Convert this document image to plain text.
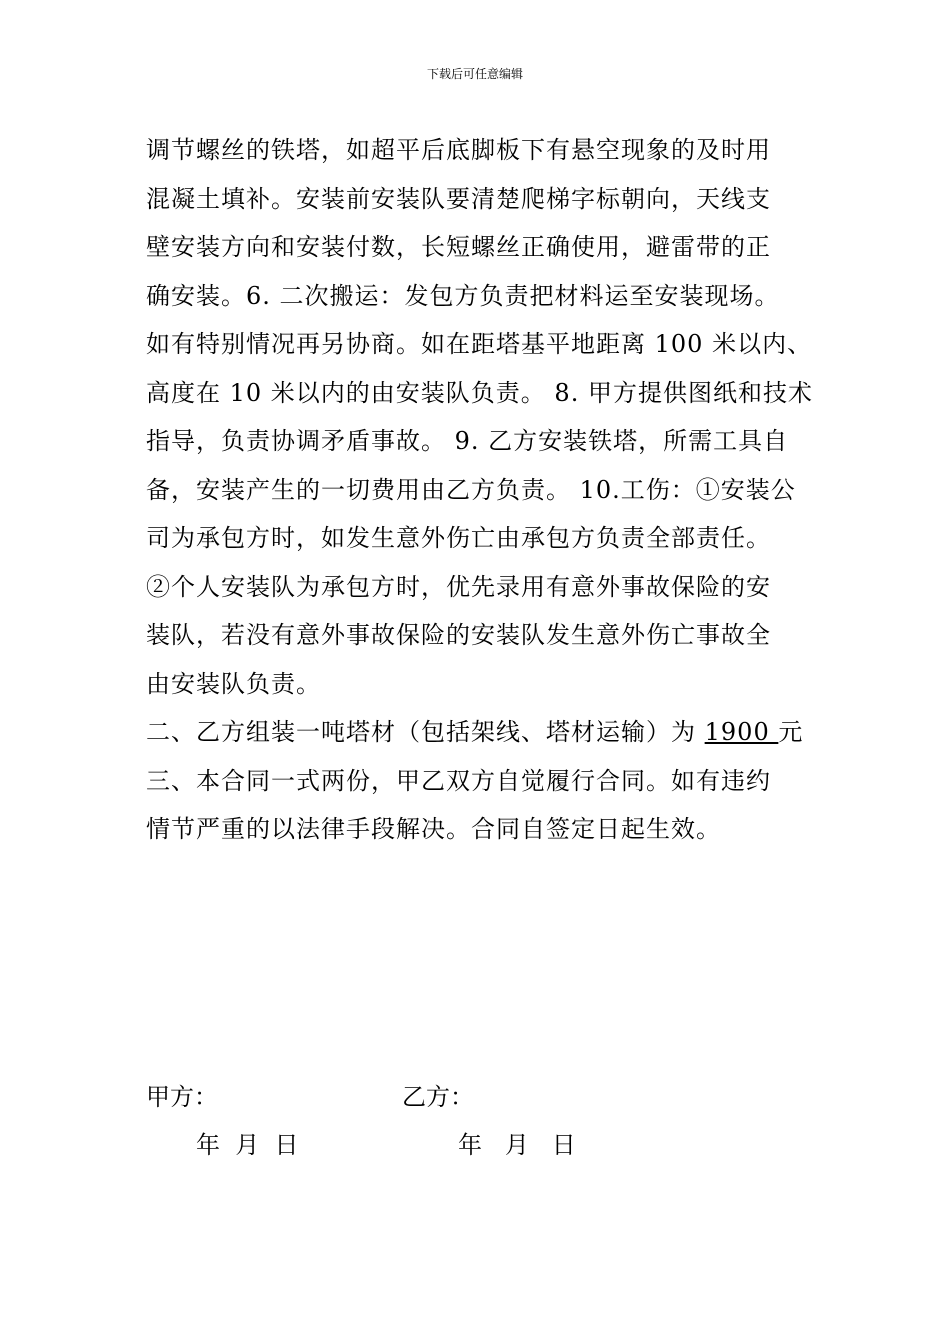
下载后可任意编辑
调节螺丝的铁塔，如超平后底脚板下有悬空现象的及时用
混凝土填补。安装前安装队要清楚爬梯字标朝向，天线支
壁安装方向和安装付数，长短螺丝正确使用，避雷带的正
确安装。6. 二次搬运：发包方负责把材料运至安装现场。
如有特别情况再另协商。如在距塔基平地距离 100 米以内、
高度在 10 米以内的由安装队负责。 8. 甲方提供图纸和技术
指导，负责协调矛盾事故。 9. 乙方安装铁塔，所需工具自
备，安装产生的一切费用由乙方负责。 10.工伤：①安装公
司为承包方时，如发生意外伤亡由承包方负责全部责任。
②个人安装队为承包方时，优先录用有意外事故保险的安
装队，若没有意外事故保险的安装队发生意外伤亡事故全
由安装队负责。
二、乙方组装一吨塔材（包括架线、塔材运输）为 1900 元
三、本合同一式两份，甲乙双方自觉履行合同。如有违约
情节严重的以法律手段解决。合同自签定日起生效。
甲方：	乙方：
年  月  日	年   月   日
